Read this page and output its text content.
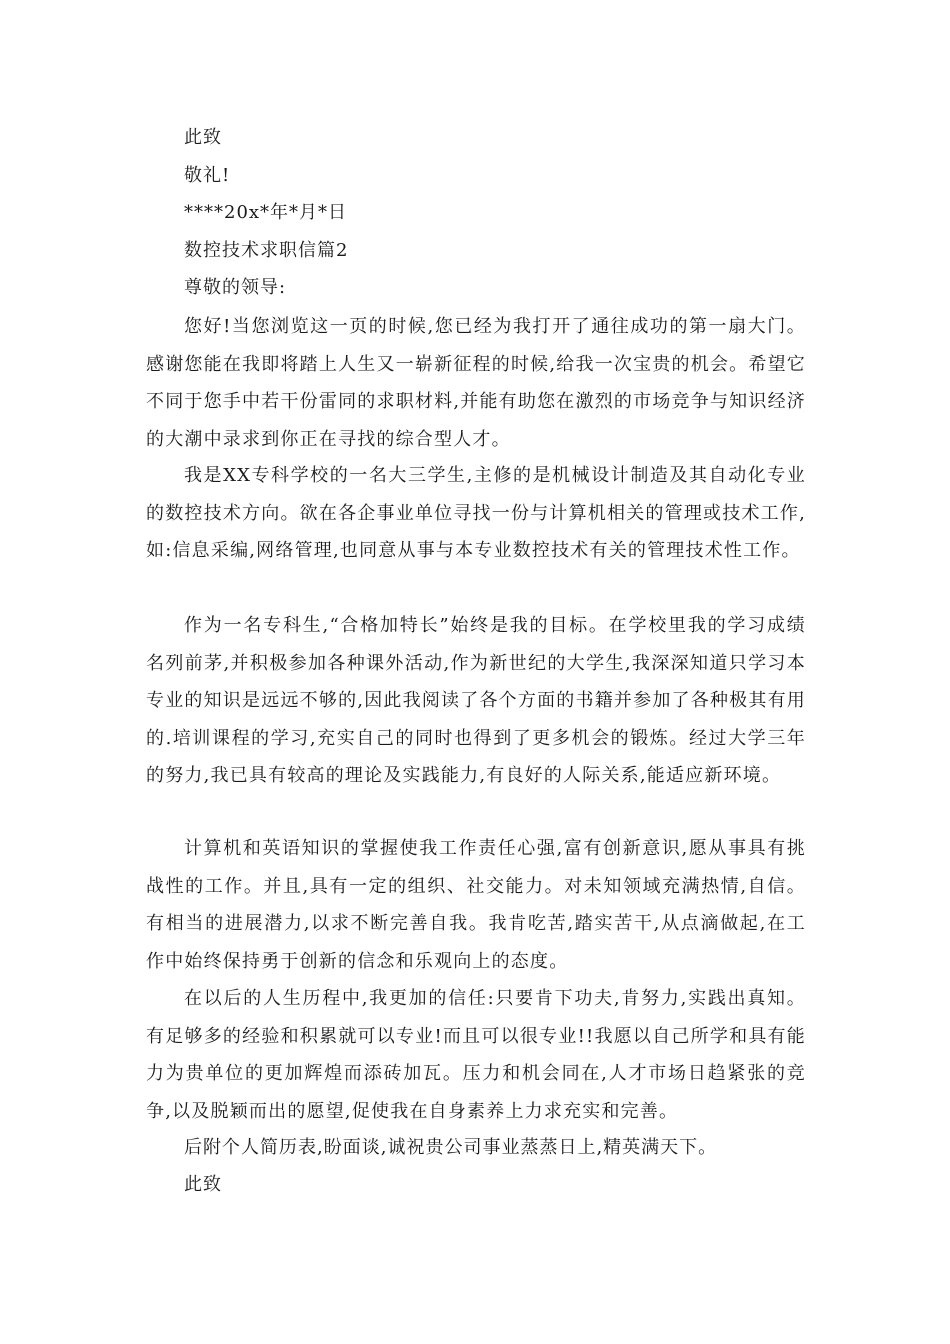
此致
敬礼!
****20x*年*月*日
数控技术求职信篇2
尊敬的领导:

您好!当您浏览这一页的时候,您已经为我打开了通往成功的第一扇大门。感谢您能在我即将踏上人生又一崭新征程的时候,给我一次宝贵的机会。希望它不同于您手中若干份雷同的求职材料,并能有助您在激烈的市场竞争与知识经济的大潮中录求到你正在寻找的综合型人才。

我是XX专科学校的一名大三学生,主修的是机械设计制造及其自动化专业的数控技术方向。欲在各企事业单位寻找一份与计算机相关的管理或技术工作,如:信息采编,网络管理,也同意从事与本专业数控技术有关的管理技术性工作。

作为一名专科生,“合格加特长”始终是我的目标。在学校里我的学习成绩名列前茅,并积极参加各种课外活动,作为新世纪的大学生,我深深知道只学习本专业的知识是远远不够的,因此我阅读了各个方面的书籍并参加了各种极其有用的.培训课程的学习,充实自己的同时也得到了更多机会的锻炼。经过大学三年的努力,我已具有较高的理论及实践能力,有良好的人际关系,能适应新环境。

计算机和英语知识的掌握使我工作责任心强,富有创新意识,愿从事具有挑战性的工作。并且,具有一定的组织、社交能力。对未知领域充满热情,自信。有相当的进展潜力,以求不断完善自我。我肯吃苦,踏实苦干,从点滴做起,在工作中始终保持勇于创新的信念和乐观向上的态度。

在以后的人生历程中,我更加的信任:只要肯下功夫,肯努力,实践出真知。有足够多的经验和积累就可以专业!而且可以很专业!!我愿以自己所学和具有能力为贵单位的更加辉煌而添砖加瓦。压力和机会同在,人才市场日趋紧张的竞争,以及脱颖而出的愿望,促使我在自身素养上力求充实和完善。

后附个人简历表,盼面谈,诚祝贵公司事业蒸蒸日上,精英满天下。
此致
